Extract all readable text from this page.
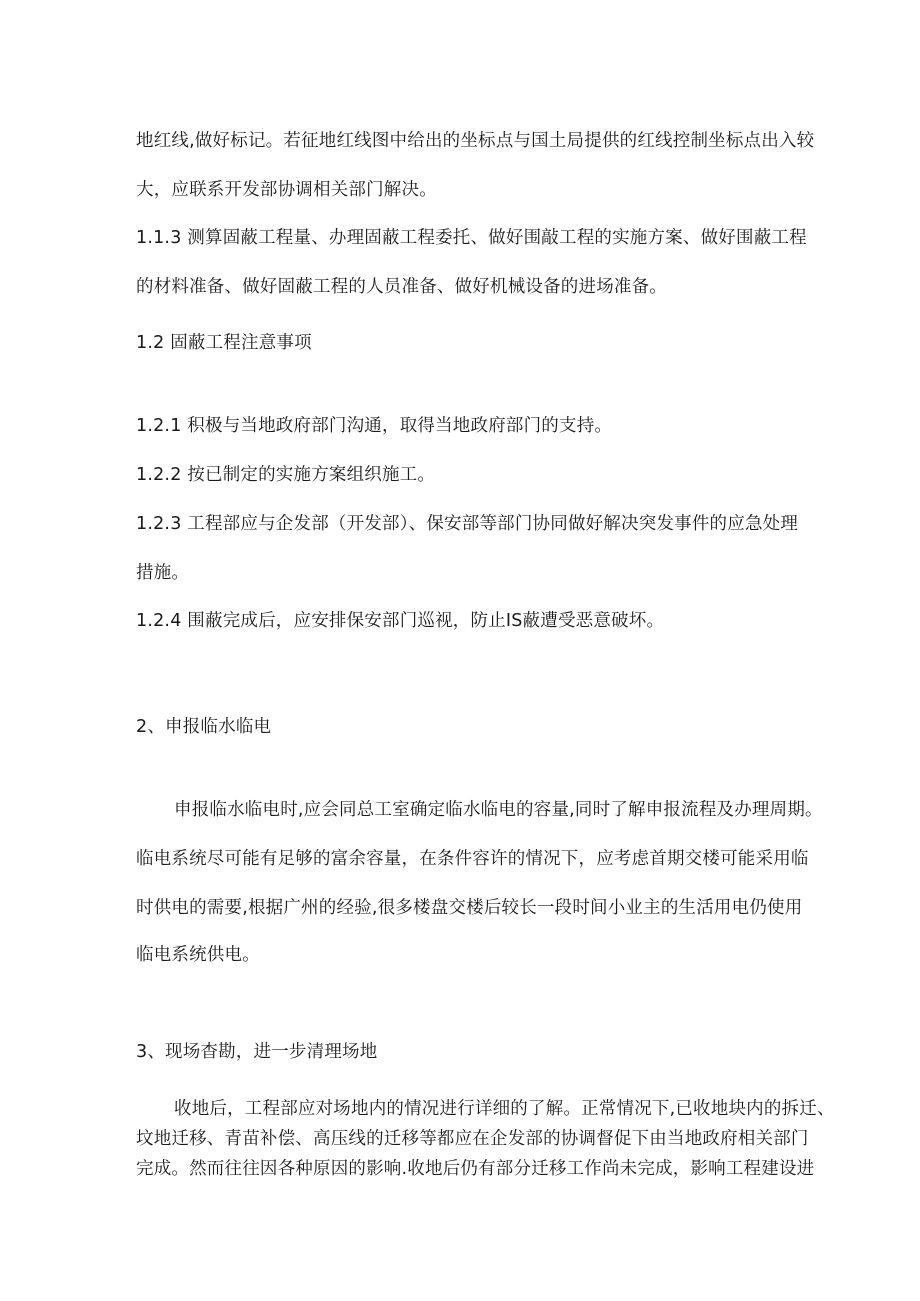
地红线,做好标记。若征地红线图中给出的坐标点与国土局提供的红线控制坐标点出入较
大，应联系开发部协调相关部门解决。
1.1.3 测算固蔽工程量、办理固蔽工程委托、做好围敲工程的实施方案、做好围蔽工程
的材料准备、做好固蔽工程的人员准备、做好机械设备的进场准备。
1.2 固蔽工程注意事项
1.2.1 积极与当地政府部门沟通，取得当地政府部门的支持。
1.2.2 按已制定的实施方案组织施工。
1.2.3 工程部应与企发部（开发部）、保安部等部门协同做好解决突发事件的应急处理
措施。
1.2.4 围蔽完成后，应安排保安部门巡视，防止IS蔽遭受恶意破坏。
2、申报临水临电
申报临水临电时,应会同总工室确定临水临电的容量,同时了解申报流程及办理周期。
临电系统尽可能有足够的富余容量，在条件容许的情况下，应考虑首期交楼可能采用临
时供电的需要,根据广州的经验,很多楼盘交楼后较长一段时间小业主的生活用电仍使用
临电系统供电。
3、现场杳勘，进一步清理场地
收地后，工程部应对场地内的情况进行详细的了解。正常情况下,已收地块内的拆迁、
坟地迁移、青苗补偿、高压线的迁移等都应在企发部的协调督促下由当地政府相关部门
完成。然而往往因各种原因的影响.收地后仍有部分迁移工作尚未完成，影响工程建设进
